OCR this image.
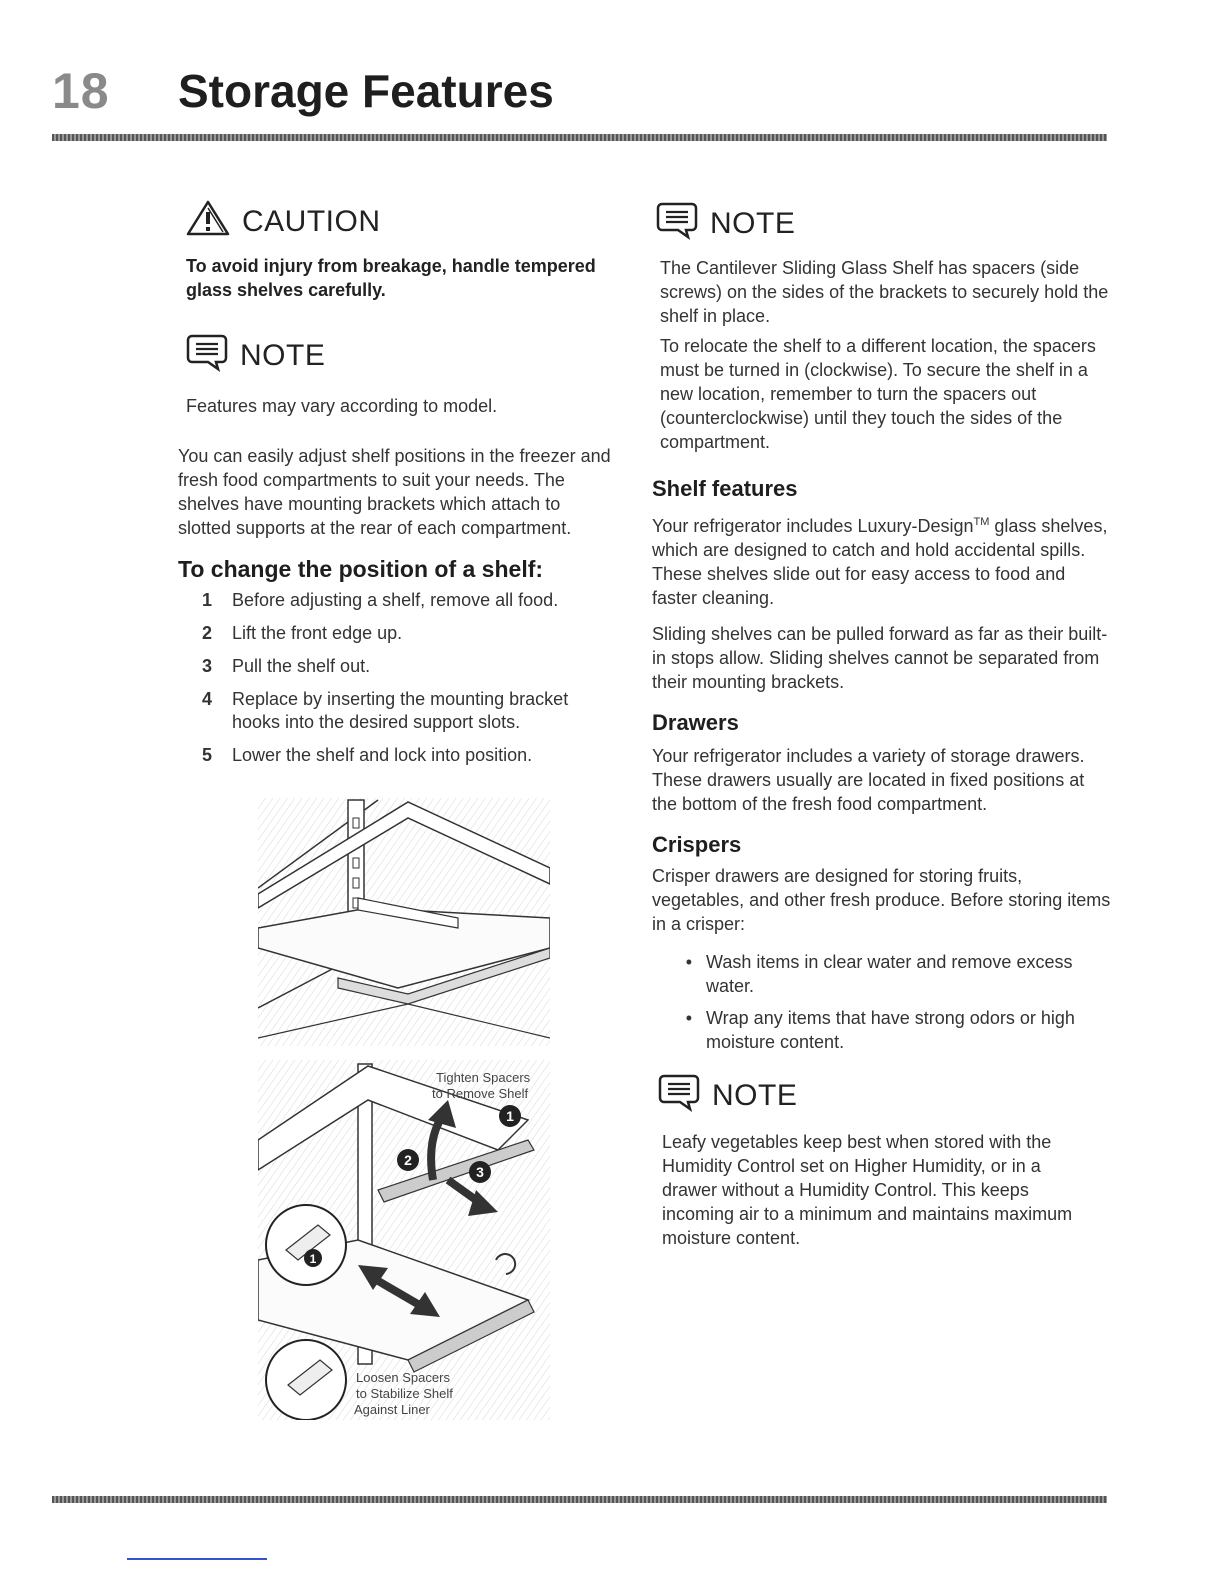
18 Storage Features
CAUTION

To avoid injury from breakage, handle tempered glass shelves carefully.

NOTE

Features may vary according to model.

You can easily adjust shelf positions in the freezer and fresh food compartments to suit your needs. The shelves have mounting brackets which attach to slotted supports at the rear of each compartment.

To change the position of a shelf:
1	Before adjusting a shelf, remove all food.
2	Lift the front edge up.
3	Pull the shelf out.
4	Replace by inserting the mounting bracket hooks into the desired support slots.
5	Lower the shelf and lock into position.
1
2
3
1
Tighten Spacers
to Remove Shelf
Loosen Spacers
to Stabilize Shelf
Against Liner
NOTE

The Cantilever Sliding Glass Shelf has spacers (side screws) on the sides of the brackets to securely hold the shelf in place.

To relocate the shelf to a different location, the spacers must be turned in (clockwise). To secure the shelf in a new location, remember to turn the spacers out (counterclockwise) until they touch the sides of the compartment.

Shelf features

Your refrigerator includes Luxury-Design™ glass shelves, which are designed to catch and hold accidental spills. These shelves slide out for easy access to food and faster cleaning.

Sliding shelves can be pulled forward as far as their built-in stops allow. Sliding shelves cannot be separated from their mounting brackets.

Drawers

Your refrigerator includes a variety of storage drawers. These drawers usually are located in fixed positions at the bottom of the fresh food compartment.

Crispers

Crisper drawers are designed for storing fruits, vegetables, and other fresh produce. Before storing items in a crisper:

• Wash items in clear water and remove excess water.
• Wrap any items that have strong odors or high moisture content.
NOTE

Leafy vegetables keep best when stored with the Humidity Control set on Higher Humidity, or in a drawer without a Humidity Control. This keeps incoming air to a minimum and maintains maximum moisture content.
